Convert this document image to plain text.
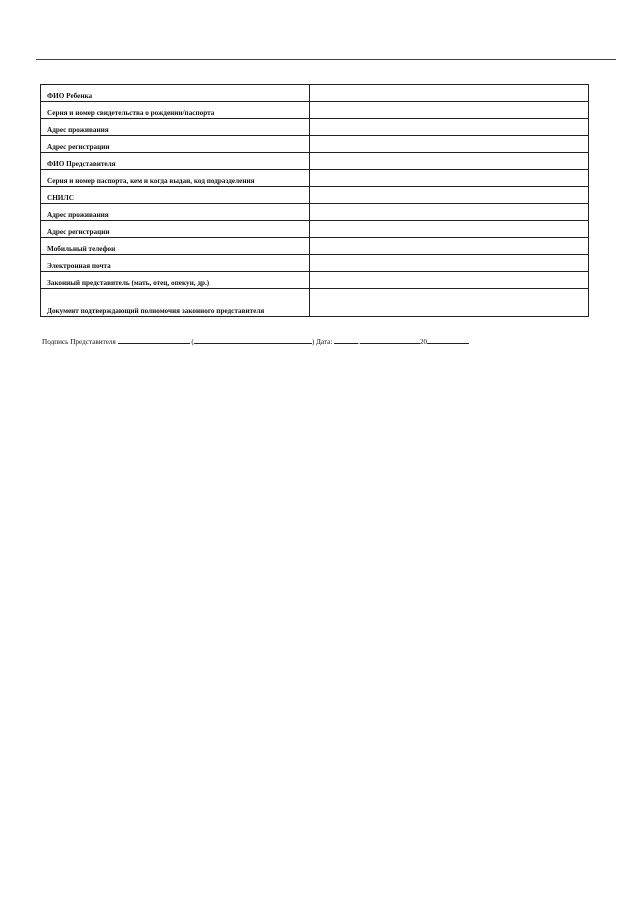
ФИО Ребенка	

Серия и номер свидетельства о рождении/паспорта	

Адрес проживания	

Адрес регистрации	

ФИО Представителя	

Серия и номер паспорта, кем и когда выдан, код подразделения	

СНИЛС	

Адрес проживания	

Адрес регистрации	

Мобильный телефон	

Электронная почта	

Законный представитель (мать, отец, опекун, др.)	

Документ подтверждающий полномочия законного представителя	

Подпись Представителя	(	) Дата:	.	20
